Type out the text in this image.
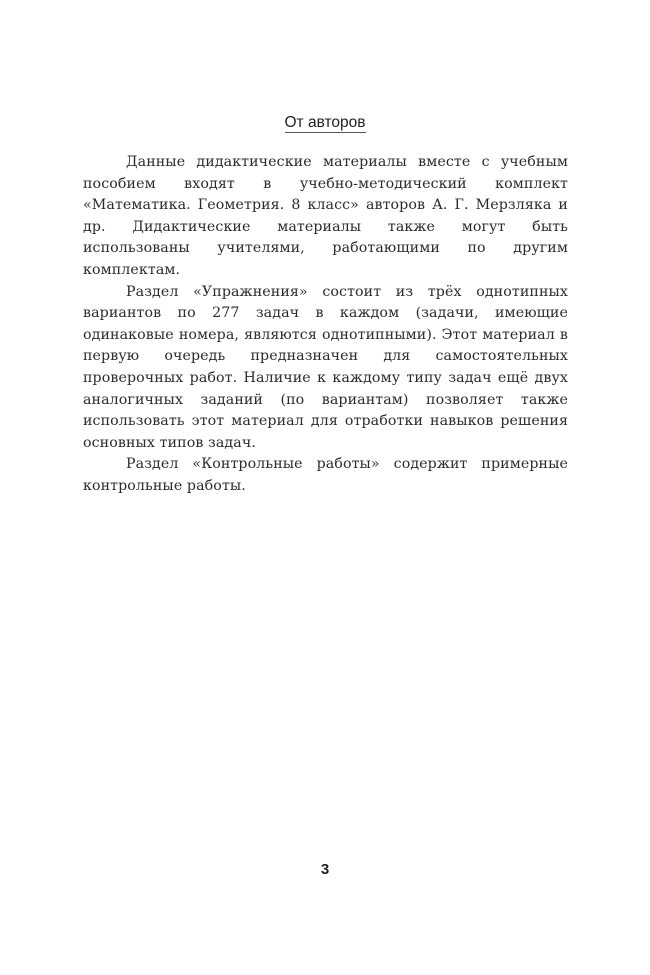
От авторов

Данные дидактические материалы вместе с учебным пособием входят в учебно-методический комплект «Математика. Геометрия. 8 класс» авторов А. Г. Мерзляка и др. Дидактические материалы также могут быть использованы учителями, работающими по другим комплектам.

Раздел «Упражнения» состоит из трёх однотипных вариантов по 277 задач в каждом (задачи, имеющие одинаковые номера, являются однотипными). Этот материал в первую очередь предназначен для самостоятельных проверочных работ. Наличие к каждому типу задач ещё двух аналогичных заданий (по вариантам) позволяет также использовать этот материал для отработки навыков решения основных типов задач.

Раздел «Контрольные работы» содержит примерные контрольные работы.

3
